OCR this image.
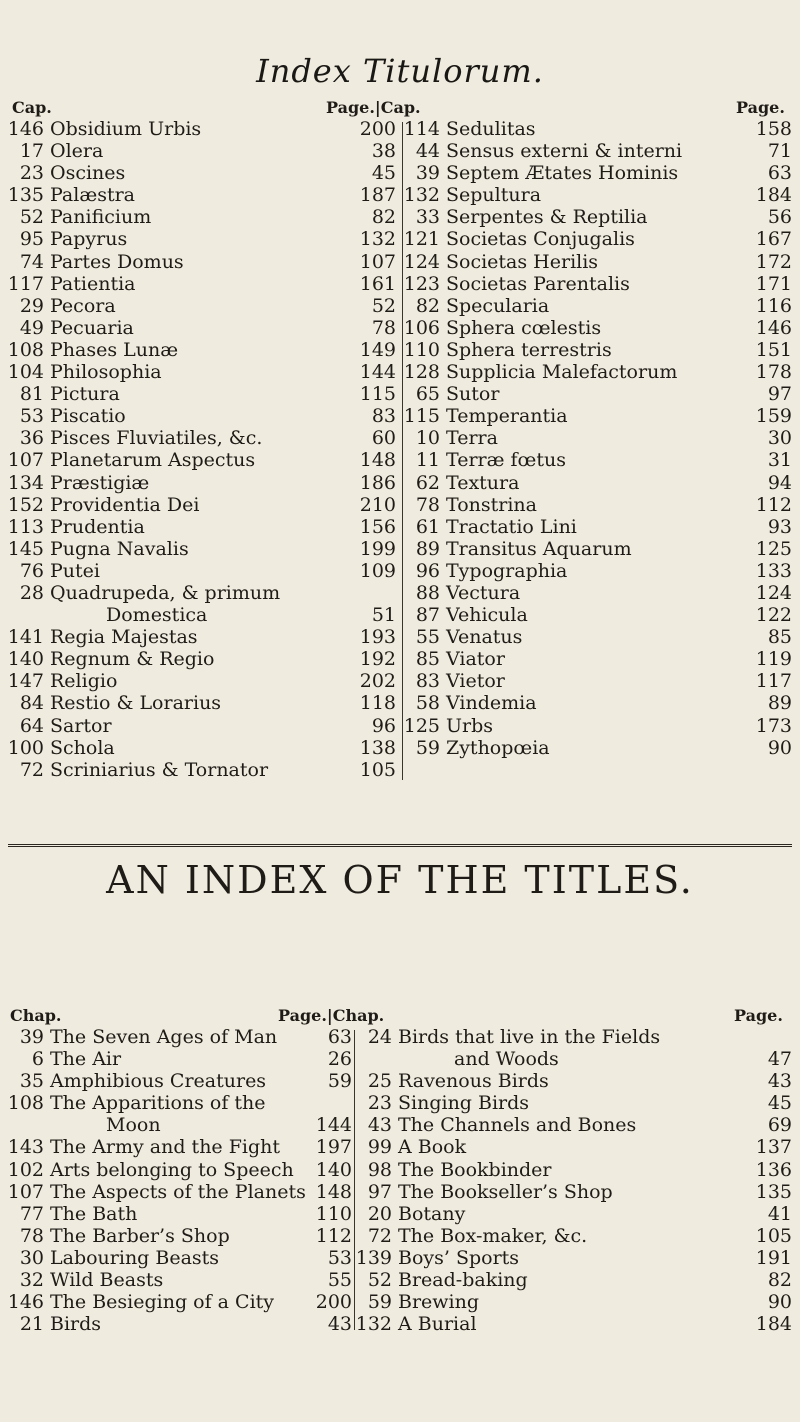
Index Titulorum.
Cap.	Page.|Cap.	Page.
146 Obsidium Urbis	200
17 Olera	38
23 Oscines	45
135 Palæstra	187
52 Panificium	82
95 Papyrus	132
74 Partes Domus	107
117 Patientia	161
29 Pecora	52
49 Pecuaria	78
108 Phases Lunæ	149
104 Philosophia	144
81 Pictura	115
53 Piscatio	83
36 Pisces Fluviatiles, &c.	60
107 Planetarum Aspectus	148
134 Præstigiæ	186
152 Providentia Dei	210
113 Prudentia	156
145 Pugna Navalis	199
76 Putei	109
28 Quadrupeda, & primum
Domestica	51
141 Regia Majestas	193
140 Regnum & Regio	192
147 Religio	202
84 Restio & Lorarius	118
64 Sartor	96
100 Schola	138
72 Scriniarius & Tornator	105
114 Sedulitas	158
44 Sensus externi & interni	71
39 Septem Ætates Hominis	63
132 Sepultura	184
33 Serpentes & Reptilia	56
121 Societas Conjugalis	167
124 Societas Herilis	172
123 Societas Parentalis	171
82 Specularia	116
106 Sphera cœlestis	146
110 Sphera terrestris	151
128 Supplicia Malefactorum	178
65 Sutor	97
115 Temperantia	159
10 Terra	30
11 Terræ fœtus	31
62 Textura	94
78 Tonstrina	112
61 Tractatio Lini	93
89 Transitus Aquarum	125
96 Typographia	133
88 Vectura	124
87 Vehicula	122
55 Venatus	85
85 Viator	119
83 Vietor	117
58 Vindemia	89
125 Urbs	173
59 Zythopœia	90
AN INDEX OF THE TITLES.
Chap.	Page.|Chap.	Page.
39 The Seven Ages of Man	63
6 The Air	26
35 Amphibious Creatures	59
108 The Apparitions of the
Moon	144
143 The Army and the Fight 197
102 Arts belonging to Speech 140
107 The Aspects of the Planets 148
77 The Bath	110
78 The Barber’s Shop	112
30 Labouring Beasts	53
32 Wild Beasts	55
146 The Besieging of a City 200
21 Birds	43
24 Birds that live in the Fields
and Woods	47
25 Ravenous Birds	43
23 Singing Birds	45
43 The Channels and Bones	69
99 A Book	137
98 The Bookbinder	136
97 The Bookseller’s Shop	135
20 Botany	41
72 The Box-maker, &c.	105
139 Boys’ Sports	191
52 Bread-baking	82
59 Brewing	90
132 A Burial	184
